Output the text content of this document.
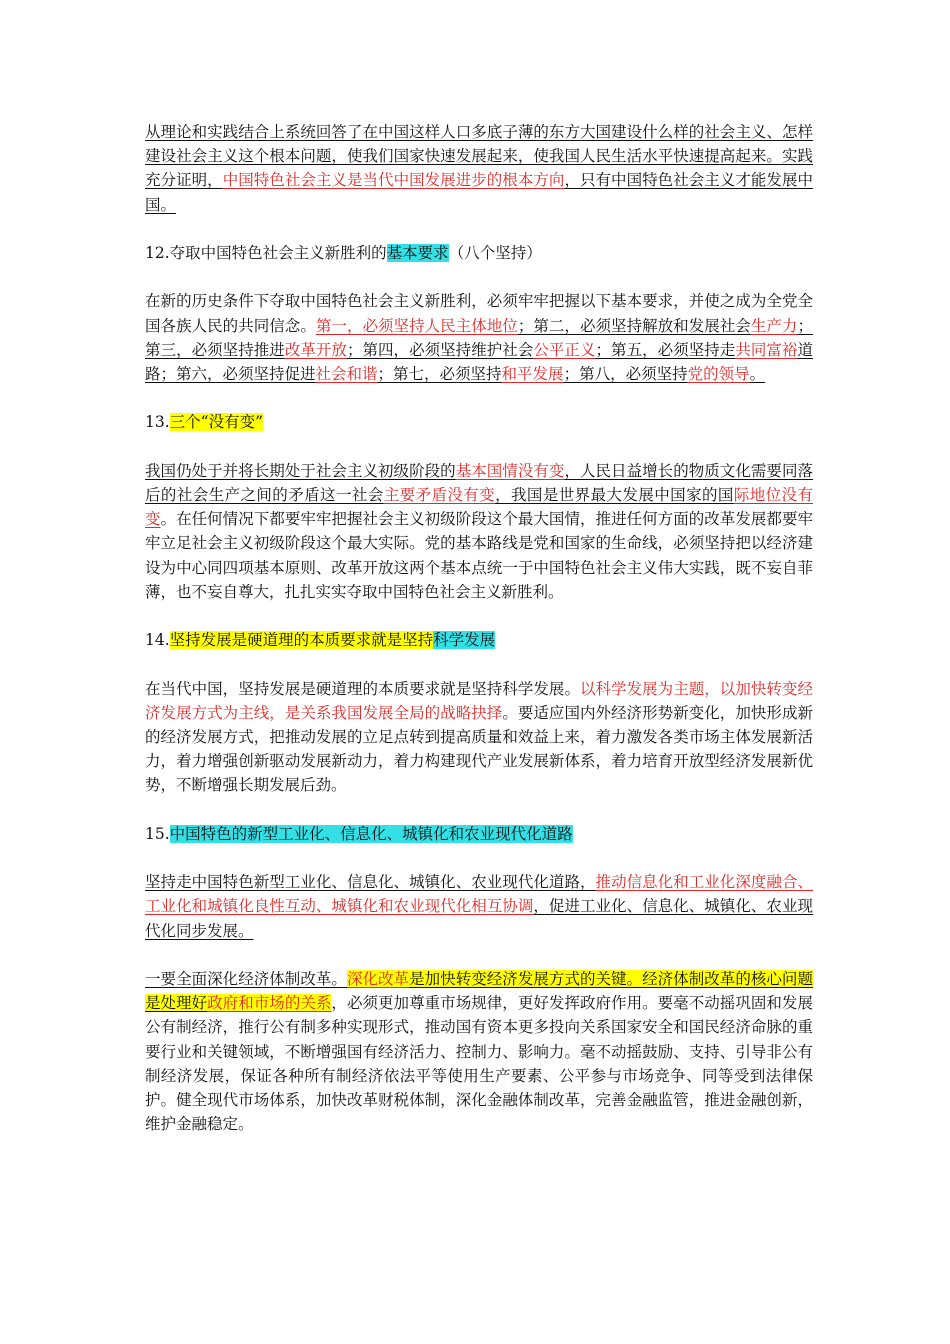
从理论和实践结合上系统回答了在中国这样人口多底子薄的东方大国建设什么样的社会主义、怎样建设社会主义这个根本问题，使我们国家快速发展起来，使我国人民生活水平快速提高起来。实践充分证明，中国特色社会主义是当代中国发展进步的根本方向，只有中国特色社会主义才能发展中国。

12.夺取中国特色社会主义新胜利的基本要求（八个坚持）

在新的历史条件下夺取中国特色社会主义新胜利，必须牢牢把握以下基本要求，并使之成为全党全国各族人民的共同信念。第一，必须坚持人民主体地位；第二，必须坚持解放和发展社会生产力；第三，必须坚持推进改革开放；第四，必须坚持维护社会公平正义；第五，必须坚持走共同富裕道路；第六，必须坚持促进社会和谐；第七，必须坚持和平发展；第八，必须坚持党的领导。

13.三个“没有变”

我国仍处于并将长期处于社会主义初级阶段的基本国情没有变，人民日益增长的物质文化需要同落后的社会生产之间的矛盾这一社会主要矛盾没有变，我国是世界最大发展中国家的国际地位没有变。在任何情况下都要牢牢把握社会主义初级阶段这个最大国情，推进任何方面的改革发展都要牢牢立足社会主义初级阶段这个最大实际。党的基本路线是党和国家的生命线，必须坚持把以经济建设为中心同四项基本原则、改革开放这两个基本点统一于中国特色社会主义伟大实践，既不妄自菲薄，也不妄自尊大，扎扎实实夺取中国特色社会主义新胜利。

14.坚持发展是硬道理的本质要求就是坚持科学发展

在当代中国，坚持发展是硬道理的本质要求就是坚持科学发展。以科学发展为主题，以加快转变经济发展方式为主线，是关系我国发展全局的战略抉择。要适应国内外经济形势新变化，加快形成新的经济发展方式，把推动发展的立足点转到提高质量和效益上来，着力激发各类市场主体发展新活力，着力增强创新驱动发展新动力，着力构建现代产业发展新体系，着力培育开放型经济发展新优势，不断增强长期发展后劲。

15.中国特色的新型工业化、信息化、城镇化和农业现代化道路

坚持走中国特色新型工业化、信息化、城镇化、农业现代化道路，推动信息化和工业化深度融合、工业化和城镇化良性互动、城镇化和农业现代化相互协调，促进工业化、信息化、城镇化、农业现代化同步发展。

一要全面深化经济体制改革。深化改革是加快转变经济发展方式的关键。经济体制改革的核心问题是处理好政府和市场的关系，必须更加尊重市场规律，更好发挥政府作用。要毫不动摇巩固和发展公有制经济，推行公有制多种实现形式，推动国有资本更多投向关系国家安全和国民经济命脉的重要行业和关键领域，不断增强国有经济活力、控制力、影响力。毫不动摇鼓励、支持、引导非公有制经济发展，保证各种所有制经济依法平等使用生产要素、公平参与市场竞争、同等受到法律保护。健全现代市场体系，加快改革财税体制，深化金融体制改革，完善金融监管，推进金融创新，维护金融稳定。
